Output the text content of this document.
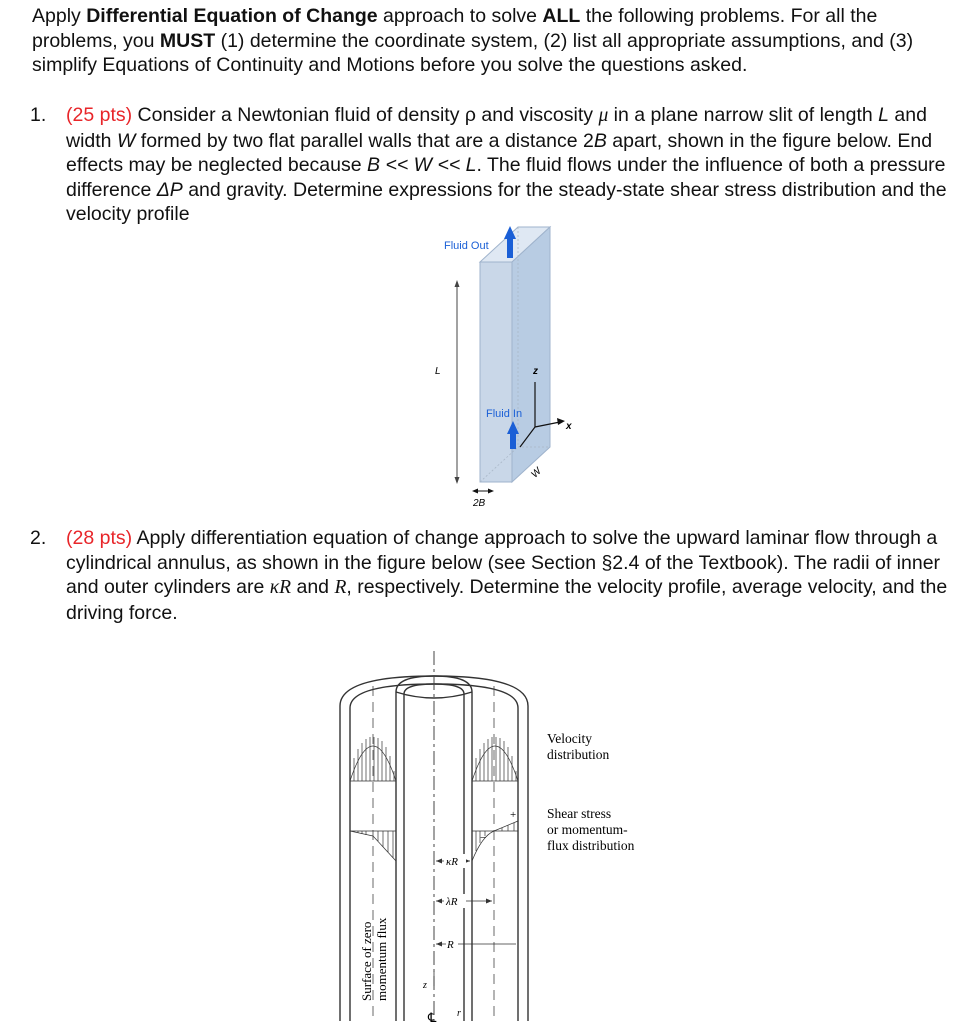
Apply Differential Equation of Change approach to solve ALL the following problems. For all the problems, you MUST (1) determine the coordinate system, (2) list all appropriate assumptions, and (3) simplify Equations of Continuity and Motions before you solve the questions asked.
1. (25 pts) Consider a Newtonian fluid of density ρ and viscosity μ in a plane narrow slit of length L and width W formed by two flat parallel walls that are a distance 2B apart, shown in the figure below. End effects may be neglected because B << W << L. The fluid flows under the influence of both a pressure difference ΔP and gravity. Determine expressions for the steady-state shear stress distribution and the velocity profile
L
Fluid Out
Fluid In
z
x
W
2B
2. (28 pts) Apply differentiation equation of change approach to solve the upward laminar flow through a cylindrical annulus, as shown in the figure below (see Section §2.4 of the Textbook). The radii of inner and outer cylinders are κR and R, respectively. Determine the velocity profile, average velocity, and the driving force.
+
−
κR
λR
R
z
℄ r
Velocity
distribution
Shear stress
or momentum-
flux distribution
Surface of zero momentum flux
